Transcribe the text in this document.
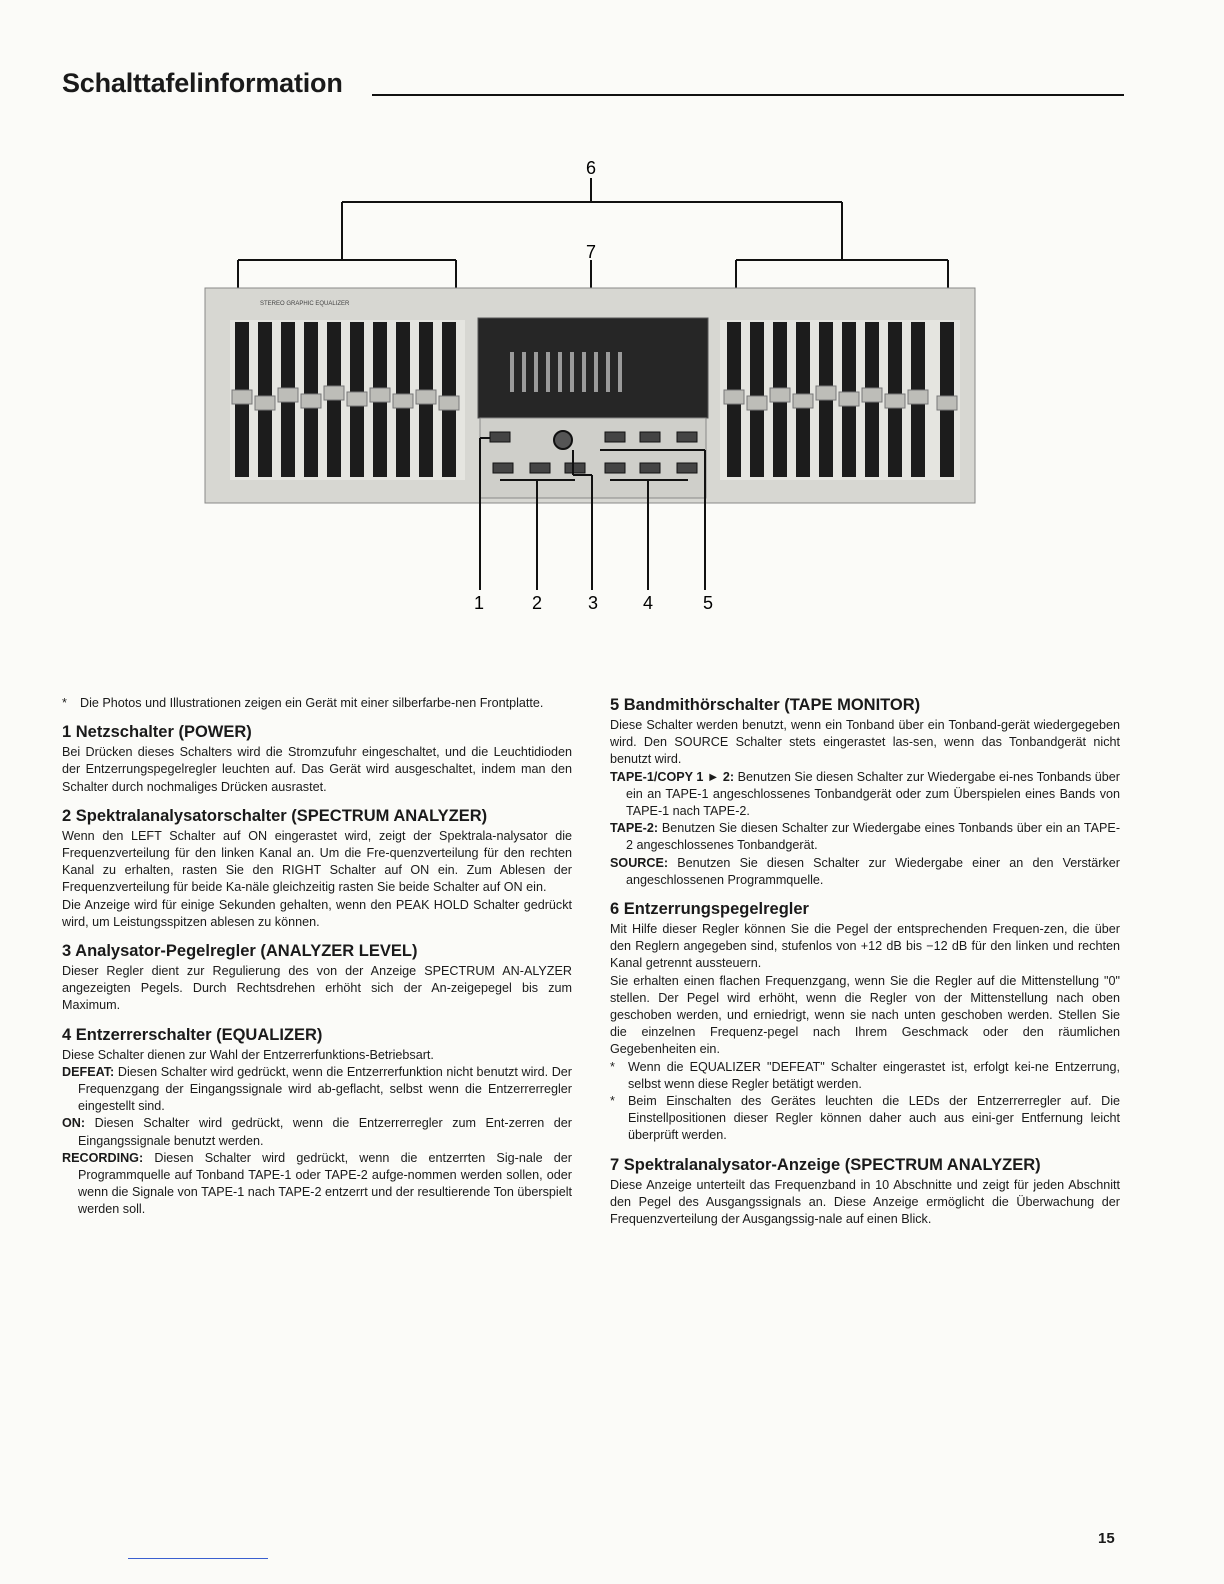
Schalttafelinformation
STEREO GRAPHIC EQUALIZER
6
7
1	2	3 4	5

* Die Photos und Illustrationen zeigen ein Gerät mit einer silberfarbe-nen Frontplatte.

1 Netzschalter (POWER)

Bei Drücken dieses Schalters wird die Stromzufuhr eingeschaltet, und die Leuchtidioden der Entzerrungspegelregler leuchten auf. Das Gerät wird ausgeschaltet, indem man den Schalter durch nochmaliges Drücken ausrastet.

2 Spektralanalysatorschalter (SPECTRUM ANALYZER)

Wenn den LEFT Schalter auf ON eingerastet wird, zeigt der Spektrala-nalysator die Frequenzverteilung für den linken Kanal an. Um die Fre-quenzverteilung für den rechten Kanal zu erhalten, rasten Sie den RIGHT Schalter auf ON ein. Zum Ablesen der Frequenzverteilung für beide Ka-näle gleichzeitig rasten Sie beide Schalter auf ON ein.

Die Anzeige wird für einige Sekunden gehalten, wenn den PEAK HOLD Schalter gedrückt wird, um Leistungsspitzen ablesen zu können.

3 Analysator-Pegelregler (ANALYZER LEVEL)

Dieser Regler dient zur Regulierung des von der Anzeige SPECTRUM AN-ALYZER angezeigten Pegels. Durch Rechtsdrehen erhöht sich der An-zeigepegel bis zum Maximum.

4 Entzerrerschalter (EQUALIZER)

Diese Schalter dienen zur Wahl der Entzerrerfunktions-Betriebsart.

DEFEAT: Diesen Schalter wird gedrückt, wenn die Entzerrerfunktion nicht benutzt wird. Der Frequenzgang der Eingangssignale wird ab-geflacht, selbst wenn die Entzerrerregler eingestellt sind.

ON: Diesen Schalter wird gedrückt, wenn die Entzerrerregler zum Ent-zerren der Eingangssignale benutzt werden.

RECORDING: Diesen Schalter wird gedrückt, wenn die entzerrten Sig-nale der Programmquelle auf Tonband TAPE-1 oder TAPE-2 aufge-nommen werden sollen, oder wenn die Signale von TAPE-1 nach TAPE-2 entzerrt und der resultierende Ton überspielt werden soll.

5 Bandmithörschalter (TAPE MONITOR)

Diese Schalter werden benutzt, wenn ein Tonband über ein Tonband-gerät wiedergegeben wird. Den SOURCE Schalter stets eingerastet las-sen, wenn das Tonbandgerät nicht benutzt wird.

TAPE-1/COPY 1 ► 2: Benutzen Sie diesen Schalter zur Wiedergabe ei-nes Tonbands über ein an TAPE-1 angeschlossenes Tonbandgerät oder zum Überspielen eines Bands von TAPE-1 nach TAPE-2.

TAPE-2: Benutzen Sie diesen Schalter zur Wiedergabe eines Tonbands über ein an TAPE-2 angeschlossenes Tonbandgerät.

SOURCE: Benutzen Sie diesen Schalter zur Wiedergabe einer an den Verstärker angeschlossenen Programmquelle.

6 Entzerrungspegelregler

Mit Hilfe dieser Regler können Sie die Pegel der entsprechenden Frequen-zen, die über den Reglern angegeben sind, stufenlos von +12 dB bis −12 dB für den linken und rechten Kanal getrennt aussteuern.

Sie erhalten einen flachen Frequenzgang, wenn Sie die Regler auf die Mittenstellung "0" stellen. Der Pegel wird erhöht, wenn die Regler von der Mittenstellung nach oben geschoben werden, und erniedrigt, wenn sie nach unten geschoben werden. Stellen Sie die einzelnen Frequenz-pegel nach Ihrem Geschmack oder den räumlichen Gegebenheiten ein.

* Wenn die EQUALIZER "DEFEAT" Schalter eingerastet ist, erfolgt kei-ne Entzerrung, selbst wenn diese Regler betätigt werden.

* Beim Einschalten des Gerätes leuchten die LEDs der Entzerrerregler auf. Die Einstellpositionen dieser Regler können daher auch aus eini-ger Entfernung leicht überprüft werden.

7 Spektralanalysator-Anzeige (SPECTRUM ANALYZER)

Diese Anzeige unterteilt das Frequenzband in 10 Abschnitte und zeigt für jeden Abschnitt den Pegel des Ausgangssignals an. Diese Anzeige ermöglicht die Überwachung der Frequenzverteilung der Ausgangssig-nale auf einen Blick.

15
